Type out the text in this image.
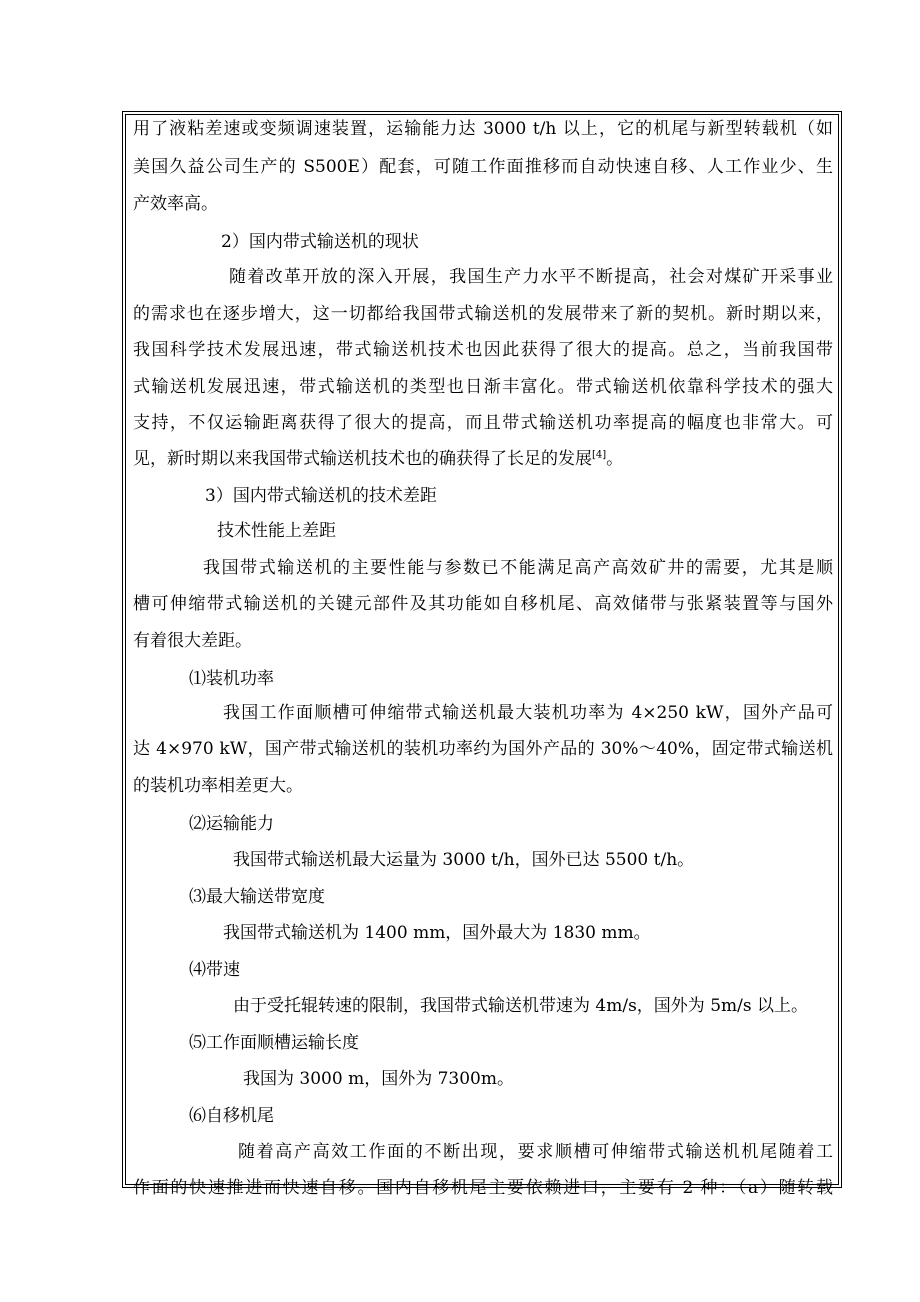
用了液粘差速或变频调速装置，运输能力达 3000 t/h 以上，它的机尾与新型转载机（如
美国久益公司生产的 S500E）配套，可随工作面推移而自动快速自移、人工作业少、生
产效率高。
2）国内带式输送机的现状
随着改革开放的深入开展，我国生产力水平不断提高，社会对煤矿开采事业
的需求也在逐步增大，这一切都给我国带式输送机的发展带来了新的契机。新时期以来，
我国科学技术发展迅速，带式输送机技术也因此获得了很大的提高。总之，当前我国带
式输送机发展迅速，带式输送机的类型也日渐丰富化。带式输送机依靠科学技术的强大
支持，不仅运输距离获得了很大的提高，而且带式输送机功率提高的幅度也非常大。可
见，新时期以来我国带式输送机技术也的确获得了长足的发展[4]。
3）国内带式输送机的技术差距
技术性能上差距
我国带式输送机的主要性能与参数已不能满足高产高效矿井的需要，尤其是顺
槽可伸缩带式输送机的关键元部件及其功能如自移机尾、高效储带与张紧装置等与国外
有着很大差距。
⑴装机功率
我国工作面顺槽可伸缩带式输送机最大装机功率为 4×250 kW，国外产品可
达 4×970 kW，国产带式输送机的装机功率约为国外产品的 30%～40%，固定带式输送机
的装机功率相差更大。
⑵运输能力
我国带式输送机最大运量为 3000 t/h，国外已达 5500 t/h。
⑶最大输送带宽度
我国带式输送机为 1400 mm，国外最大为 1830 mm。
⑷带速
由于受托辊转速的限制，我国带式输送机带速为 4m/s，国外为 5m/s 以上。
⑸工作面顺槽运输长度
我国为 3000 m，国外为 7300m。
⑹自移机尾
随着高产高效工作面的不断出现，要求顺槽可伸缩带式输送机机尾随着工
作面的快速推进而快速自移。国内自移机尾主要依赖进口，主要有 2 种：（a）随转载
